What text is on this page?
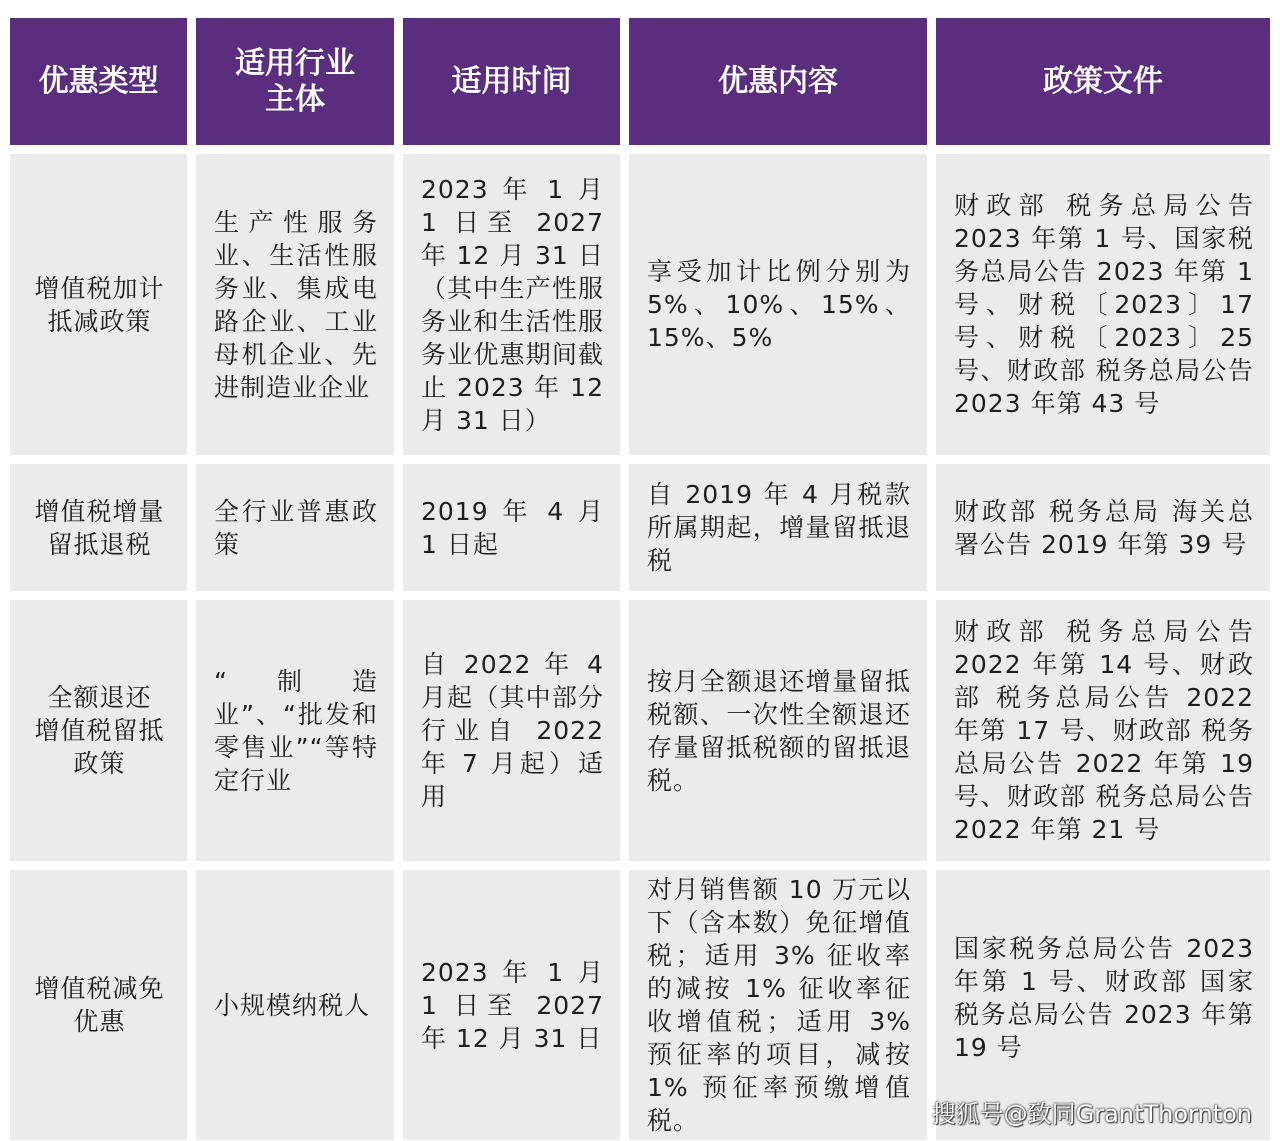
优惠类型
适用行业
主体
适用时间	优惠内容	政策文件
增值税加计
抵减政策
生产性服务业、生活性服务业、集成电路企业、工业母机企业、先进制造业企业
2023 年 1 月 1 日至 2027 年 12 月 31 日（其中生产性服务业和生活性服务业优惠期间截止 2023 年 12 月 31 日）
享受加计比例分别为 5%、10%、15%、15%、5%
财政部 税务总局公告 2023 年第 1 号、国家税务总局公告 2023 年第 1 号、财税〔2023〕17 号、财税〔2023〕25 号、财政部 税务总局公告 2023 年第 43 号
增值税增量
留抵退税
全行业普惠政策
2019 年 4 月 1 日起
自 2019 年 4 月税款所属期起，增量留抵退税
财政部 税务总局 海关总署公告 2019 年第 39 号
全额退还
增值税留抵
政策
“制造业”、“批发和零售业”“等特定行业
自 2022 年 4 月起（其中部分行业自 2022 年 7 月起）适用
按月全额退还增量留抵税额、一次性全额退还存量留抵税额的留抵退税。
财政部 税务总局公告 2022 年第 14 号、财政部 税务总局公告 2022 年第 17 号、财政部 税务总局公告 2022 年第 19 号、财政部 税务总局公告 2022 年第 21 号
增值税减免
优惠
小规模纳税人
2023 年 1 月 1 日至 2027 年 12 月 31 日
对月销售额 10 万元以下（含本数）免征增值税；适用 3% 征收率的减按 1% 征收率征收增值税；适用 3% 预征率的项目，减按 1% 预征率预缴增值税。
国家税务总局公告 2023 年第 1 号、财政部 国家税务总局公告 2023 年第 19 号
搜狐号@致同GrantThornton
